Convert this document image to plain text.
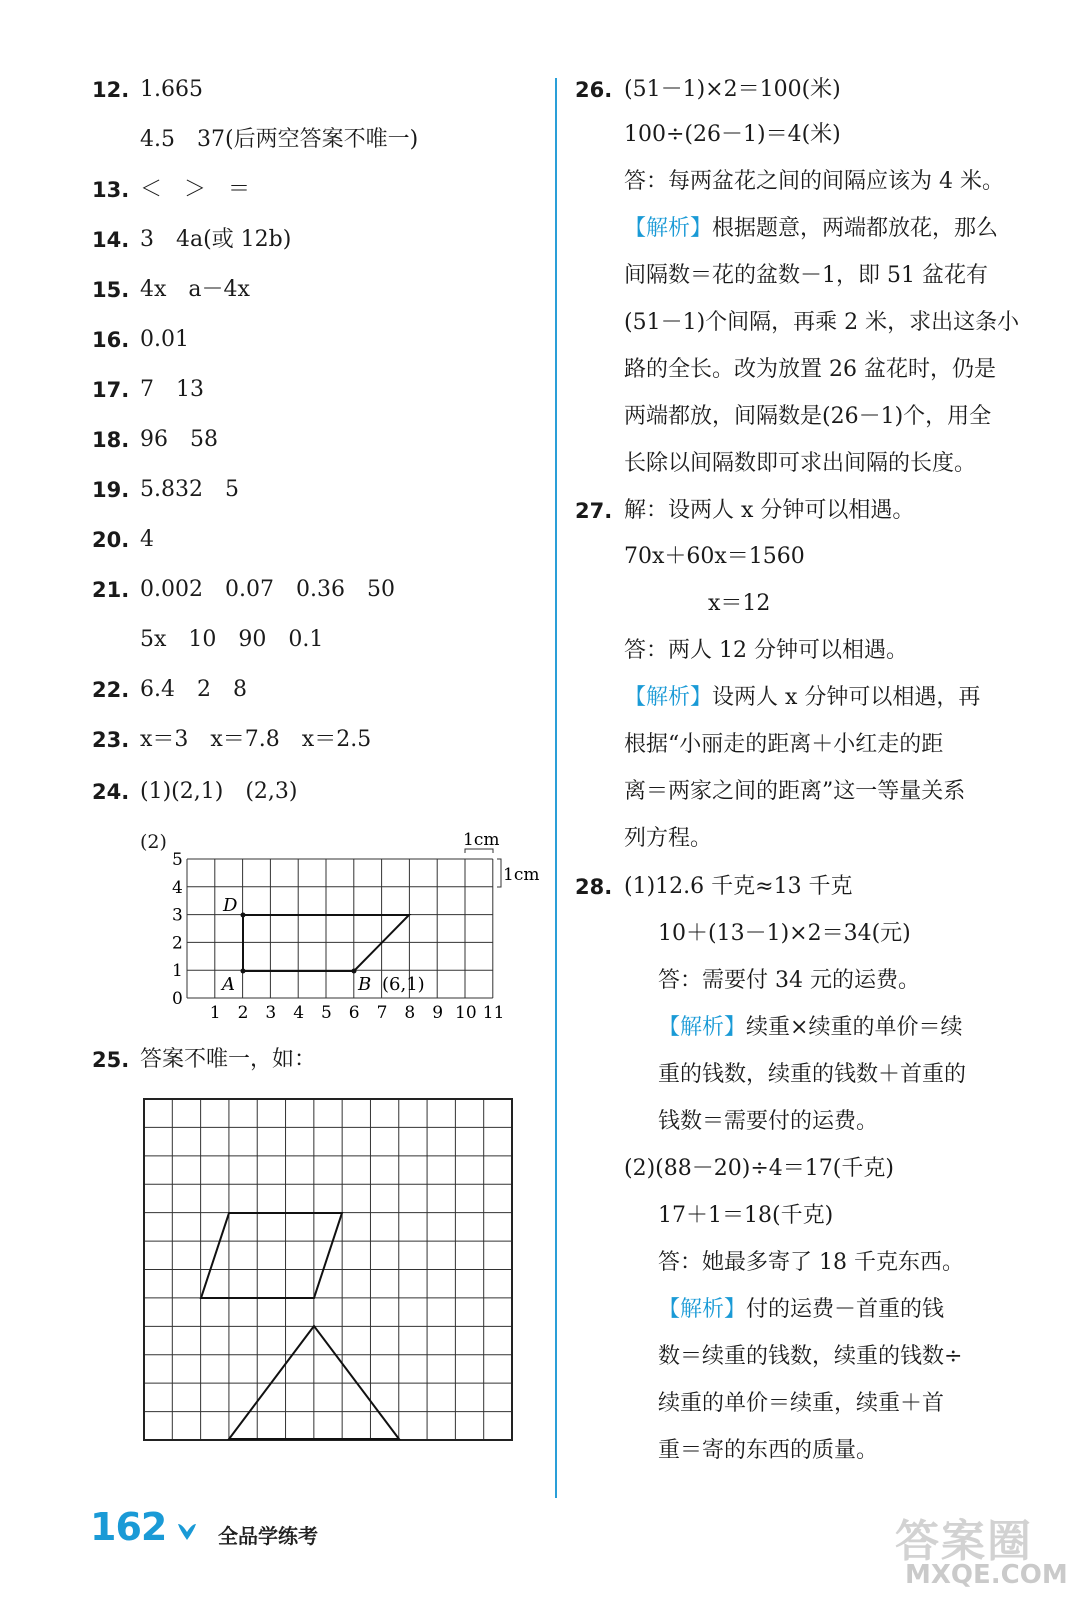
12. 1.665
4.5　37(后两空答案不唯一)
13. ＜　＞　＝
14. 3　4a(或 12b)
15. 4x　a－4x
16. 0.01
17. 7　13
18. 96　58
19. 5.832　5
20. 4
21. 0.002　0.07　0.36　50
5x　10　90　0.1
22. 6.4　2　8
23. x＝3　x＝7.8　x＝2.5
24. (1)(2,1)　(2,3)
(2)
D
A	B (6,1)
1 2 3 4 5 6 7 8 9 10 11
0
1
2
3
4
5
1cm
1cm
25. 答案不唯一，如：
26. (51－1)×2＝100(米)
100÷(26－1)＝4(米)
答：每两盆花之间的间隔应该为 4 米。
【解析】根据题意，两端都放花，那么
间隔数＝花的盆数－1，即 51 盆花有
(51－1)个间隔，再乘 2 米，求出这条小
路的全长。改为放置 26 盆花时，仍是
两端都放，间隔数是(26－1)个，用全
长除以间隔数即可求出间隔的长度。
27. 解：设两人 x 分钟可以相遇。
70x＋60x＝1560
x＝12
答：两人 12 分钟可以相遇。
【解析】设两人 x 分钟可以相遇，再
根据“小丽走的距离＋小红走的距
离＝两家之间的距离”这一等量关系
列方程。
28. (1)12.6 千克≈13 千克
10＋(13－1)×2＝34(元)
答：需要付 34 元的运费。
【解析】续重×续重的单价＝续
重的钱数，续重的钱数＋首重的
钱数＝需要付的运费。
(2)(88－20)÷4＝17(千克)
17＋1＝18(千克)
答：她最多寄了 18 千克东西。
【解析】付的运费－首重的钱
数＝续重的钱数，续重的钱数÷
续重的单价＝续重，续重＋首
重＝寄的东西的质量。
162	全品学练考	答案圈
MXQE.COM
